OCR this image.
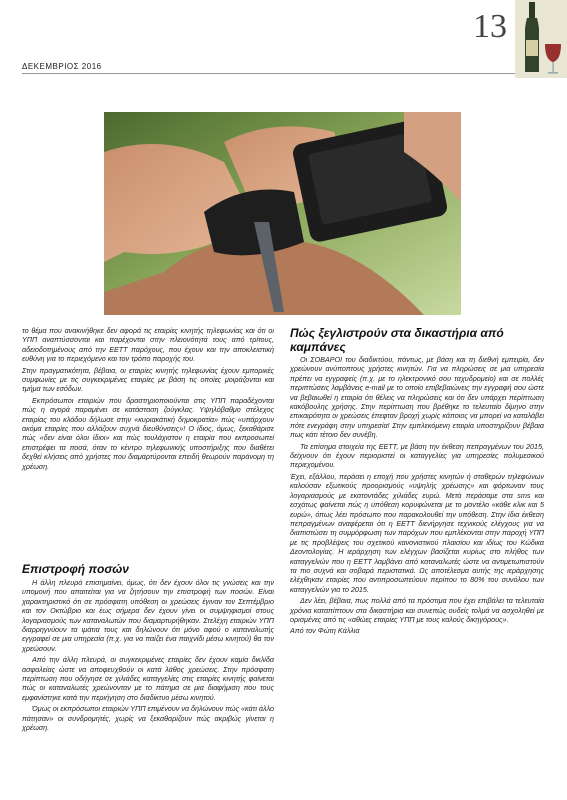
ΔΕΚΕΜΒΡΙΟΣ 2016
13

το θέμα που ανακινήθηκε δεν αφορά τις εταιρίες κινητής τηλεφωνίας και ότι οι ΥΠΠ αναπτύσσονται και παρέχονται στην πλειονότητά τους από τρίτους, αδειοδοτημένους από την ΕΕΤΤ παρόχους, που έχουν και την αποκλειστική ευθύνη για το περιεχόμενο και τον τρόπο παροχής του.

Στην πραγματικότητα, βέβαια, οι εταιρίες κινητής τηλεφωνίας έχουν εμπορικές συμφωνίες με τις συγκεκριμένες εταιρίες με βάση τις οποίες μοιράζονται και τμήμα των εσόδων.

Εκπρόσωποι εταιριών που δραστηριοποιούνται στις ΥΠΠ παραδέχονται πώς η αγορά παραμένει σε κατάσταση ζούγκλας. Υψηλόβαθμο στέλεχος εταιρίας του κλάδου δήλωσε στην «κυριακάτική δημοκρατία» πώς «υπάρχουν ακόμα εταιρίες που αλλάζουν συχνά διευθύνσεις»! Ο ίδιος, όμως, ξεκαθάρισε πώς «δεν είναι όλοι ίδιοι» και πώς τουλάχιστον η εταιρία που εκπροσωπεί επιστρέφει τα ποσά, όταν το κέντρο τηλεφωνικής υποστήριξης που διαθέτει δεχθεί κλήσεις από χρήστες που διαμαρτύρονται επειδή θεωρούν παράνομη τη χρέωση.

Επιστροφή ποσών

Η άλλη πλευρά επισημαίνει, όμως, ότι δεν έχουν όλοι τις γνώσεις και την υπομονή που απαιτείται για να ζητήσουν την επιστροφή των ποσών. Είναι χαρακτηριστικό ότι σε πρόσφατη υπόθεση οι χρεώσεις έγιναν τον Σεπτέμβριο και τον Οκτώβριο και έως σήμερα δεν έχουν γίνει οι συμψηφισμοί στους λογαριασμούς των καταναλωτών που διαμαρτυρήθηκαν. Στελέχη εταιριών ΥΠΠ διαρρηγνύουν τα ιμάτια τους και δηλώνουν ότι μόνο αφού ο καταναλωτής εγγραφεί σε μια υπηρεσία (π.χ. για να παίζει ένα παιχνίδι μέσω κινητού) θα τον χρεώσουν.

Από την άλλη πλευρά, οι συγκεκριμένες εταιρίες δεν έχουν καμία δικλίδα ασφαλείας ώστε να αποφευχθούν οι κατά λάθος χρεώσεις. Στην πρόσφατη περίπτωση που οδήγησε σε χιλιάδες καταγγελίες στις εταιρίες κινητής φαίνεται πώς οι καταναλωτές χρεώνονταν με το πάτημα σε μια διαφήμιση που τους εμφανίστηκε κατά την περιήγηση στο διαδίκτυο μέσω κινητού.

Όμως οι εκπρόσωποι εταιριών ΥΠΠ επιμένουν να δηλώνουν πώς «κάτι άλλο πάτησαν» οι συνδρομητές, χωρίς να ξεκαθαρίζουν πώς ακριβώς γίνεται η χρέωση.

Πώς ξεγλιστρούν στα δικαστήρια από καμπάνες

Οι ΣΟΒΑΡΟΙ του διαδικτύου, πάντως, με βάση και τη διεθνή εμπειρία, δεν χρεώνουν ανύποπτους χρήστες κινητών. Για να πληρώσεις σε μια υπηρεσία πρέπει να εγγραφείς (π.χ. με το ηλεκτρονικό σου ταχυδρομείο) και σε πολλές περιπτώσεις λαμβάνεις e-mail με το οποίο επιβεβαιώνεις την εγγραφή σου ώστε να βεβαιωθεί η εταιρία ότι θέλεις να πληρώσεις και ότι δεν υπάρχει περίπτωση κακόβουλης χρήσης. Στην περίπτωση που βρέθηκε το τελευταίο δίμηνο στην επικαιρότητα οι χρεώσεις έπεφταν βροχή χωρίς κάποιος να μπορεί να καταλάβει πότε ενεγράφη στην υπηρεσία! Στην εμπλεκόμενη εταιρία υποστηρίζουν βέβαια πως κάτι τέτοιο δεν συνέβη.

Τα επίσημα στοιχεία της ΕΕΤΤ, με βάση την έκθεση πεπραγμένων του 2015, δείχνουν ότι έχουν περιοριστεί οι καταγγελίες για υπηρεσίες πολυμεσικού περιεχομένου.

Έχει, εξάλλου, περάσει η εποχή που χρήστες κινητών ή σταθερών τηλεφώνων καλούσαν εξωτικούς προορισμούς «υψηλής χρέωσης» και φόρτωναν τους λογαριασμούς με εκατοντάδες χιλιάδες ευρώ. Μετά περάσαμε στα sms και εσχάτως φαίνεται πώς η υπόθεση κορυφώνεται με το μοντέλο «κάθε κλικ και 5 ευρώ», όπως λέει πρόσωπο που παρακολουθεί την υπόθεση. Στην ίδια έκθεση πεπραγμένων αναφέρεται ότι η ΕΕΤΤ διενήργησε τεχνικούς ελέγχους για να διαπιστώσει τη συμμόρφωση των παρόχων που εμπλέκονται στην παροχή ΥΠΠ με τις προβλέψεις του σχετικού κανονιστικού πλαισίου και ιδίως του Κώδικα Δεοντολογίας. Η ιεράρχηση των ελέγχων βασίζεται κυρίως στο πλήθος των καταγγελιών που η ΕΕΤΤ λαμβάνει από καταναλωτές ώστε να αντιμετωπιστούν τα πιο συχνά και σοβαρά περιστατικά. Ως αποτέλεσμα αυτής της ιεράρχησης ελέχθηκαν εταιρίες που αντιπροσωπεύουν περίπου το 80% του συνόλου των καταγγελιών για το 2015.

Δεν λέει, βέβαια, πως πολλά από τα πρόστιμα που έχει επιβάλει τα τελευταία χρόνια καταπίπτουν στα δικαστήρια και συνεπώς ουδείς τολμά να ασχοληθεί με ορισμένες από τις «αθώες εταιρίες ΥΠΠ με τους καλούς δικηγόρους».

Από τον Φώτη Κάλλια
